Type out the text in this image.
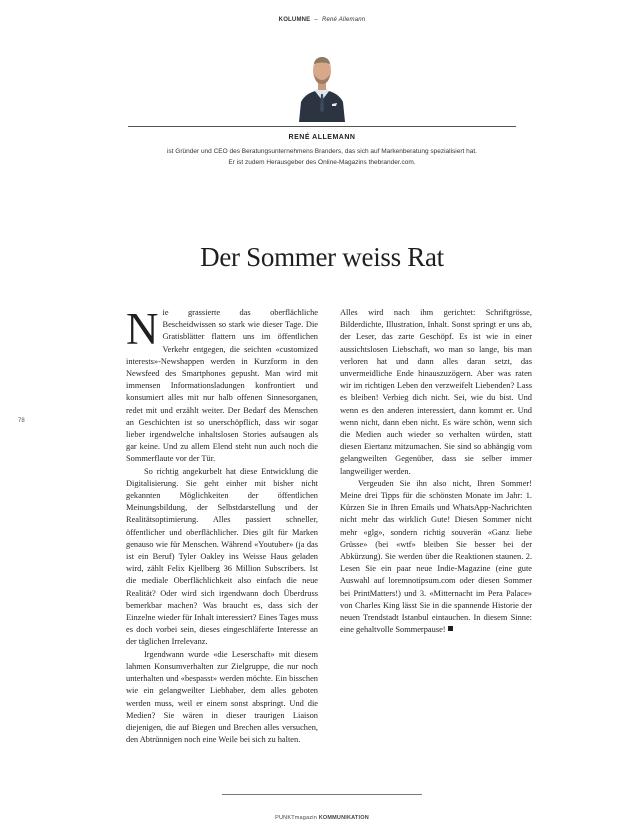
KOLUMNE – René Allemann
RENÉ ALLEMANN
ist Gründer und CEO des Beratungsunternehmens Branders, das sich auf Markenberatung spezialisiert hat.
Er ist zudem Herausgeber des Online-Magazins thebrander.com.
Der Sommer weiss Rat
78

Nie grassierte das oberflächliche Bescheidwissen so stark wie dieser Tage. Die Gratisblätter flattern uns im öffentlichen Verkehr entgegen, die seichten «customized interests»-Newshappen werden in Kurzform in den Newsfeed des Smartphones gepusht. Man wird mit immensen Informationsladungen konfrontiert und konsumiert alles mit nur halb offenen Sinnesorganen, redet mit und erzählt weiter. Der Bedarf des Menschen an Geschichten ist so unerschöpflich, dass wir sogar lieber irgendwelche inhaltslosen Stories aufsaugen als gar keine. Und zu allem Elend steht nun auch noch die Sommerflaute vor der Tür.

So richtig angekurbelt hat diese Entwicklung die Digitalisierung. Sie geht einher mit bisher nicht gekannten Möglichkeiten der öffentlichen Meinungsbildung, der Selbstdarstellung und der Realitätsoptimierung. Alles passiert schneller, öffentlicher und oberflächlicher. Dies gilt für Marken genauso wie für Menschen. Während «Youtuber» (ja das ist ein Beruf) Tyler Oakley ins Weisse Haus geladen wird, zählt Felix Kjellberg 36 Million Subscribers. Ist die mediale Oberflächlichkeit also einfach die neue Realität? Oder wird sich irgendwann doch Überdruss bemerkbar machen? Was braucht es, dass sich der Einzelne wieder für Inhalt interessiert? Eines Tages muss es doch vorbei sein, dieses eingeschläferte Interesse an der täglichen Irrelevanz.

Irgendwann wurde «die Leserschaft» mit diesem lahmen Konsumverhalten zur Zielgruppe, die nur noch unterhalten und «bespasst» werden möchte. Ein bisschen wie ein gelangweilter Liebhaber, dem alles geboten werden muss, weil er einem sonst abspringt. Und die Medien? Sie wären in dieser traurigen Liaison diejenigen, die auf Biegen und Brechen alles versuchen, den Abtrünnigen noch eine Weile bei sich zu halten.

Alles wird nach ihm gerichtet: Schriftgrösse, Bilderdichte, Illustration, Inhalt. Sonst springt er uns ab, der Leser, das zarte Geschöpf. Es ist wie in einer aussichtslosen Liebschaft, wo man so lange, bis man verloren hat und dann alles daran setzt, das unvermeidliche Ende hinauszuzögern. Aber was raten wir im richtigen Leben den verzweifelt Liebenden? Lass es bleiben! Verbieg dich nicht. Sei, wie du bist. Und wenn es den anderen interessiert, dann kommt er. Und wenn nicht, dann eben nicht. Es wäre schön, wenn sich die Medien auch wieder so verhalten würden, statt diesen Eiertanz mitzumachen. Sie sind so abhängig vom gelangweilten Gegenüber, dass sie selber immer langweiliger werden.

Vergeuden Sie ihn also nicht, Ihren Sommer! Meine drei Tipps für die schönsten Monate im Jahr: 1. Kürzen Sie in Ihren Emails und WhatsApp-Nachrichten nicht mehr das wirklich Gute! Diesen Sommer nicht mehr «glg», sondern richtig souverän «Ganz liebe Grüsse» (bei «wtf» bleiben Sie besser bei der Abkürzung). Sie werden über die Reaktionen staunen. 2. Lesen Sie ein paar neue Indie-Magazine (eine gute Auswahl auf loremnotipsum.com oder diesen Sommer bei PrintMatters!) und 3. «Mitternacht im Pera Palace» von Charles King lässt Sie in die spannende Historie der neuen Trendstadt Istanbul eintauchen. In diesem Sinne: eine gehaltvolle Sommerpause!

PUNKTmagazin KOMMUNIKATION
